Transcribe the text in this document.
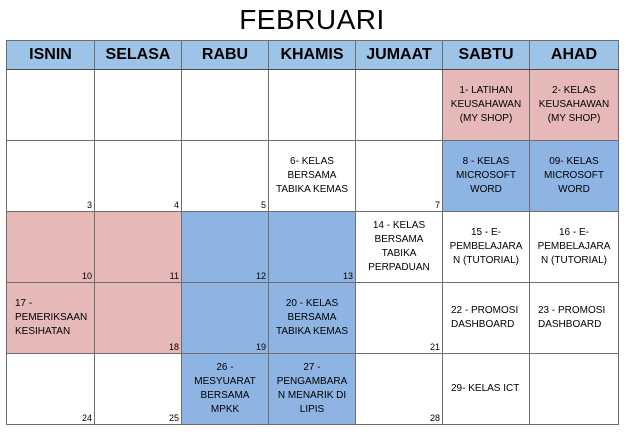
FEBRUARI
ISNIN	SELASA	RABU	KHAMIS	JUMAAT	SABTU	AHAD

					1- LATIHAN KEUSAHAWAN (MY SHOP)	2- KELAS KEUSAHAWAN (MY SHOP)

3	4	5	6- KELAS BERSAMA TABIKA KEMAS	7	8 - KELAS MICROSOFT WORD	09- KELAS MICROSOFT WORD

10	11	12	13	14 - KELAS BERSAMA TABIKA PERPADUAN	15 - E-PEMBELAJARA N (TUTORIAL)	16 - E-PEMBELAJARA N (TUTORIAL)

17 - PEMERIKSAAN KESIHATAN	18	19	20 - KELAS BERSAMA TABIKA KEMAS	21	22 - PROMOSI DASHBOARD	23 - PROMOSI DASHBOARD

24	25	26 - MESYUARAT BERSAMA MPKK	27 - PENGAMBARA N MENARIK DI LIPIS	28	29- KELAS ICT	
